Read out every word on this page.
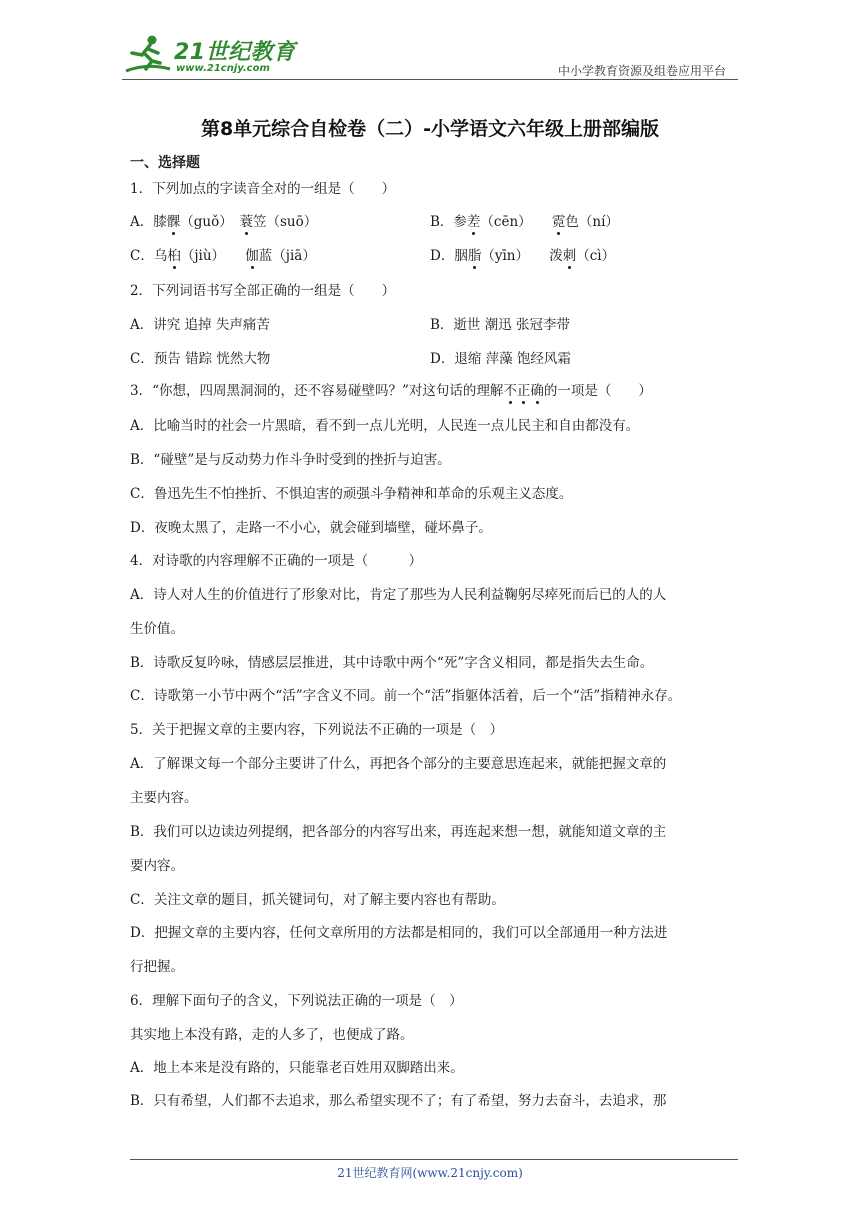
21世纪教育
www.21cnjy.com	中小学教育资源及组卷应用平台
第8单元综合自检卷（二）-小学语文六年级上册部编版
一、选择题
1．下列加点的字读音全对的一组是（　　）
A．膝髁（guǒ）　蓑笠（suō）	B．参差（cēn）　　霓色（ní）
C．乌桕（jiù）　　伽蓝（jiā）	D．胭脂（yīn）　　泼刺（cì）
2．下列词语书写全部正确的一组是（　　）
A．讲究 追掉 失声痛苦	B．逝世 潮迅 张冠李带
C．预告 错踪 恍然大物	D．退缩 萍藻 饱经风霜
3．“你想，四周黑洞洞的，还不容易碰壁吗？”对这句话的理解不正确的一项是（　　）
A．比喻当时的社会一片黑暗，看不到一点儿光明，人民连一点儿民主和自由都没有。
B．“碰壁”是与反动势力作斗争时受到的挫折与迫害。
C．鲁迅先生不怕挫折、不惧迫害的顽强斗争精神和革命的乐观主义态度。
D．夜晚太黑了，走路一不小心，就会碰到墙壁，碰坏鼻子。
4．对诗歌的内容理解不正确的一项是（　　　）
A．诗人对人生的价值进行了形象对比，肯定了那些为人民利益鞠躬尽瘁死而后已的人的人
生价值。
B．诗歌反复吟咏，情感层层推进，其中诗歌中两个“死”字含义相同，都是指失去生命。
C．诗歌第一小节中两个“活”字含义不同。前一个“活”指躯体活着，后一个“活”指精神永存。
5．关于把握文章的主要内容，下列说法不正确的一项是（　）
A．了解课文每一个部分主要讲了什么，再把各个部分的主要意思连起来，就能把握文章的
主要内容。
B．我们可以边读边列提纲，把各部分的内容写出来，再连起来想一想，就能知道文章的主
要内容。
C．关注文章的题目，抓关键词句，对了解主要内容也有帮助。
D．把握文章的主要内容，任何文章所用的方法都是相同的，我们可以全部通用一种方法进
行把握。
6．理解下面句子的含义，下列说法正确的一项是（　）
其实地上本没有路，走的人多了，也便成了路。
A．地上本来是没有路的，只能靠老百姓用双脚踏出来。
B．只有希望，人们都不去追求，那么希望实现不了；有了希望，努力去奋斗，去追求，那
21世纪教育网(www.21cnjy.com)
